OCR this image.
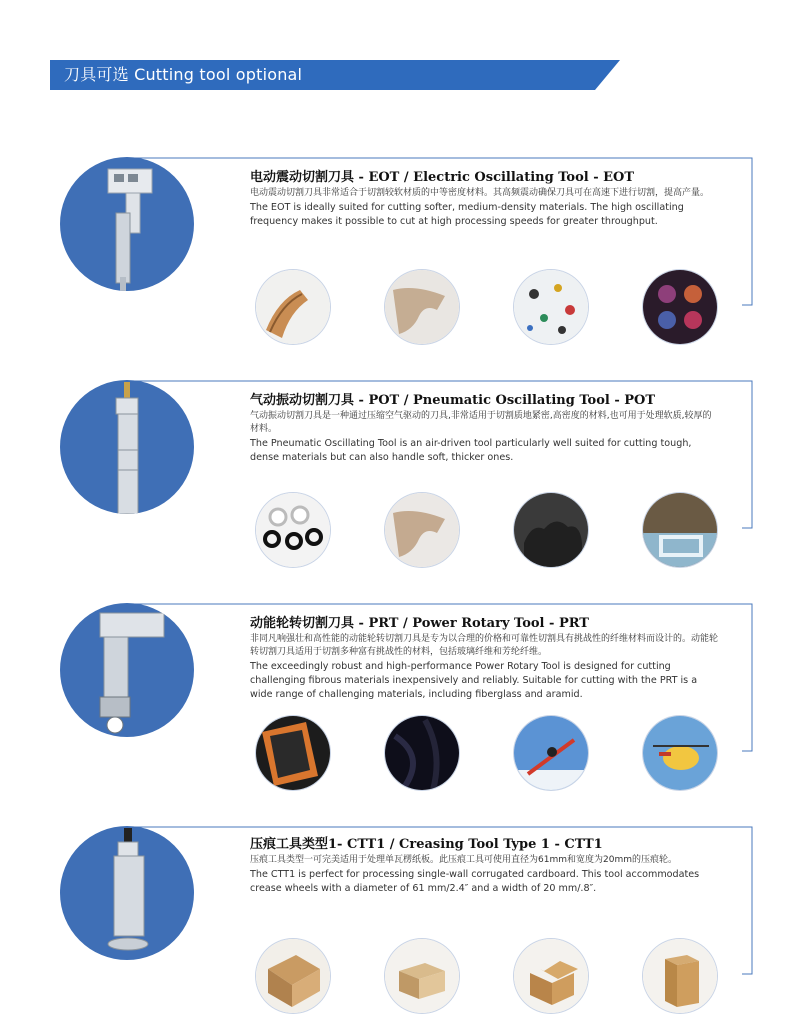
刀具可选 Cutting tool optional
电动震动切割刀具 - EOT / Electric Oscillating Tool - EOT
电动震动切割刀具非常适合于切割较软材质的中等密度材料。其高频震动确保刀具可在高速下进行切割，提高产量。
The EOT is ideally suited for cutting softer, medium-density materials. The high oscillating frequency makes it possible to cut at high processing speeds for greater throughput.
气动振动切割刀具 - POT / Pneumatic Oscillating Tool - POT
气动振动切割刀具是一种通过压缩空气驱动的刀具,非常适用于切割质地紧密,高密度的材料,也可用于处理软质,较厚的材料。
The Pneumatic Oscillating Tool is an air-driven tool particularly well suited for cutting tough, dense materials but can also handle soft, thicker ones.
动能轮转切割刀具 - PRT / Power Rotary Tool - PRT
非同凡响强壮和高性能的动能轮转切割刀具是专为以合理的价格和可靠性切割具有挑战性的纤维材料而设计的。动能轮转切割刀具适用于切割多种富有挑战性的材料，包括玻璃纤维和芳纶纤维。
The exceedingly robust and high-performance Power Rotary Tool is designed for cutting challenging fibrous materials inexpensively and reliably. Suitable for cutting with the PRT is a wide range of challenging materials, including fiberglass and aramid.
压痕工具类型1- CTT1 / Creasing Tool Type 1 - CTT1
压痕工具类型一可完美适用于处理单瓦楞纸板。此压痕工具可使用直径为61mm和宽度为20mm的压痕轮。
The CTT1 is perfect for processing single-wall corrugated cardboard. This tool accommodates crease wheels with a diameter of 61 mm/2.4″ and a width of 20 mm/.8″.
